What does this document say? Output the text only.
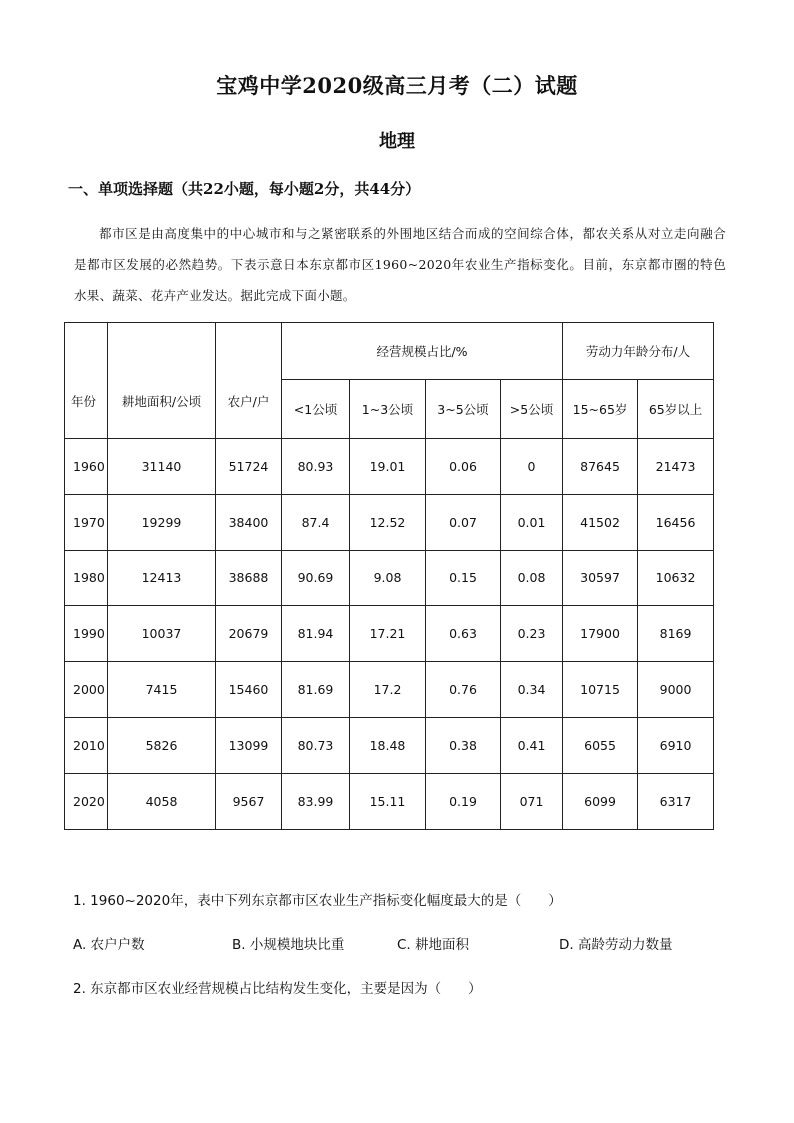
宝鸡中学2020级高三月考（二）试题
地理
一、单项选择题（共22小题，每小题2分，共44分）
都市区是由高度集中的中心城市和与之紧密联系的外围地区结合而成的空间综合体，都农关系从对立走向融合是都市区发展的必然趋势。下表示意日本东京都市区1960~2020年农业生产指标变化。目前，东京都市圈的特色水果、蔬菜、花卉产业发达。据此完成下面小题。
年份	耕地面积/公顷	农户/户	经营规模占比/%				劳动力年龄分布/人	
			<1公顷	1~3公顷	3~5公顷	>5公顷	15~65岁	65岁以上
1960	31140	51724	80.93	19.01	0.06	0	87645	21473
1970	19299	38400	87.4	12.52	0.07	0.01	41502	16456
1980	12413	38688	90.69	9.08	0.15	0.08	30597	10632
1990	10037	20679	81.94	17.21	0.63	0.23	17900	8169
2000	7415	15460	81.69	17.2	0.76	0.34	10715	9000
2010	5826	13099	80.73	18.48	0.38	0.41	6055	6910
2020	4058	9567	83.99	15.11	0.19	071	6099	6317
1. 1960~2020年，表中下列东京都市区农业生产指标变化幅度最大的是（　　）
A. 农户户数	B. 小规模地块比重	C. 耕地面积	D. 高龄劳动力数量
2. 东京都市区农业经营规模占比结构发生变化，主要是因为（　　）
